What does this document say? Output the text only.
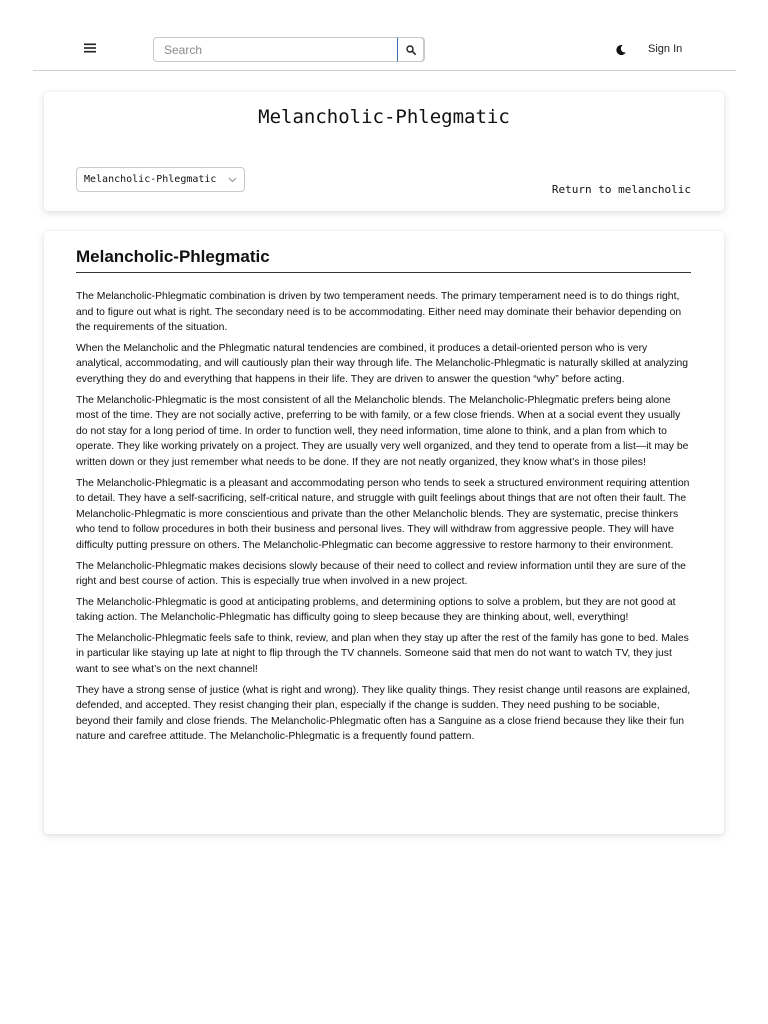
Search
Sign In
Melancholic-Phlegmatic
Melancholic-Phlegmatic
Return to melancholic
Melancholic-Phlegmatic

The Melancholic-Phlegmatic combination is driven by two temperament needs. The primary temperament need is to do things right, and to figure out what is right. The secondary need is to be accommodating. Either need may dominate their behavior depending on the requirements of the situation.

When the Melancholic and the Phlegmatic natural tendencies are combined, it produces a detail-oriented person who is very analytical, accommodating, and will cautiously plan their way through life. The Melancholic-Phlegmatic is naturally skilled at analyzing everything they do and everything that happens in their life. They are driven to answer the question “why” before acting.

The Melancholic-Phlegmatic is the most consistent of all the Melancholic blends. The Melancholic-Phlegmatic prefers being alone most of the time. They are not socially active, preferring to be with family, or a few close friends. When at a social event they usually do not stay for a long period of time. In order to function well, they need information, time alone to think, and a plan from which to operate. They like working privately on a project. They are usually very well organized, and they tend to operate from a list—it may be written down or they just remember what needs to be done. If they are not neatly organized, they know what’s in those piles!

The Melancholic-Phlegmatic is a pleasant and accommodating person who tends to seek a structured environment requiring attention to detail. They have a self-sacrificing, self-critical nature, and struggle with guilt feelings about things that are not often their fault. The Melancholic-Phlegmatic is more conscientious and private than the other Melancholic blends. They are systematic, precise thinkers who tend to follow procedures in both their business and personal lives. They will withdraw from aggressive people. They will have difficulty putting pressure on others. The Melancholic-Phlegmatic can become aggressive to restore harmony to their environment.

The Melancholic-Phlegmatic makes decisions slowly because of their need to collect and review information until they are sure of the right and best course of action. This is especially true when involved in a new project.

The Melancholic-Phlegmatic is good at anticipating problems, and determining options to solve a problem, but they are not good at taking action. The Melancholic-Phlegmatic has difficulty going to sleep because they are thinking about, well, everything!

The Melancholic-Phlegmatic feels safe to think, review, and plan when they stay up after the rest of the family has gone to bed. Males in particular like staying up late at night to flip through the TV channels. Someone said that men do not want to watch TV, they just want to see what’s on the next channel!

They have a strong sense of justice (what is right and wrong). They like quality things. They resist change until reasons are explained, defended, and accepted. They resist changing their plan, especially if the change is sudden. They need pushing to be sociable, beyond their family and close friends. The Melancholic-Phlegmatic often has a Sanguine as a close friend because they like their fun nature and carefree attitude. The Melancholic-Phlegmatic is a frequently found pattern.
